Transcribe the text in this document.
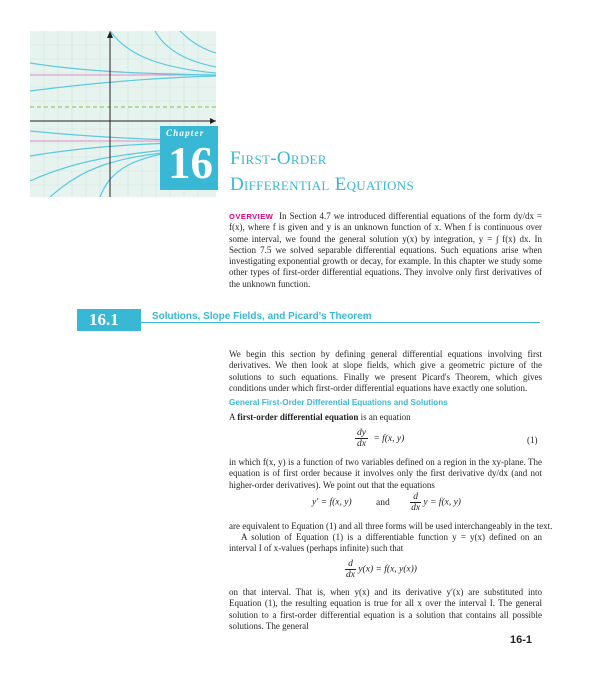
Chapter
16 First-Order
Differential Equations

OVERVIEW In Section 4.7 we introduced differential equations of the form dy/dx = f(x), where f is given and y is an unknown function of x. When f is continuous over some interval, we found the general solution y(x) by integration, y = ∫ f(x) dx. In Section 7.5 we solved separable differential equations. Such equations arise when investigating exponential growth or decay, for example. In this chapter we study some other types of first-order differential equations. They involve only first derivatives of the unknown function.

16.1	Solutions, Slope Fields, and Picard's Theorem

We begin this section by defining general differential equations involving first derivatives. We then look at slope fields, which give a geometric picture of the solutions to such equations. Finally we present Picard's Theorem, which gives conditions under which first-order differential equations have exactly one solution.

General First-Order Differential Equations and Solutions
A first-order differential equation is an equation
$\frac{dy}{dx} = f(x$, y)	(1)

in which f(x, y) is a function of two variables defined on a region in the xy-plane. The equation is of first order because it involves only the first derivative dy/dx (and not higher-order derivatives). We point out that the equations

y′ = f(x, y)	and $\frac{d}{dx}$ y = f(x, y)

are equivalent to Equation (1) and all three forms will be used interchangeably in the text.

A solution of Equation (1) is a differentiable function y = y(x) defined on an interval I of x-values (perhaps infinite) such that

$\frac{d}{dx} y(x) = f(x$, y(x))

on that interval. That is, when y(x) and its derivative y′(x) are substituted into Equation (1), the resulting equation is true for all x over the interval I. The general solution to a first-order differential equation is a solution that contains all possible solutions. The general

16-1
